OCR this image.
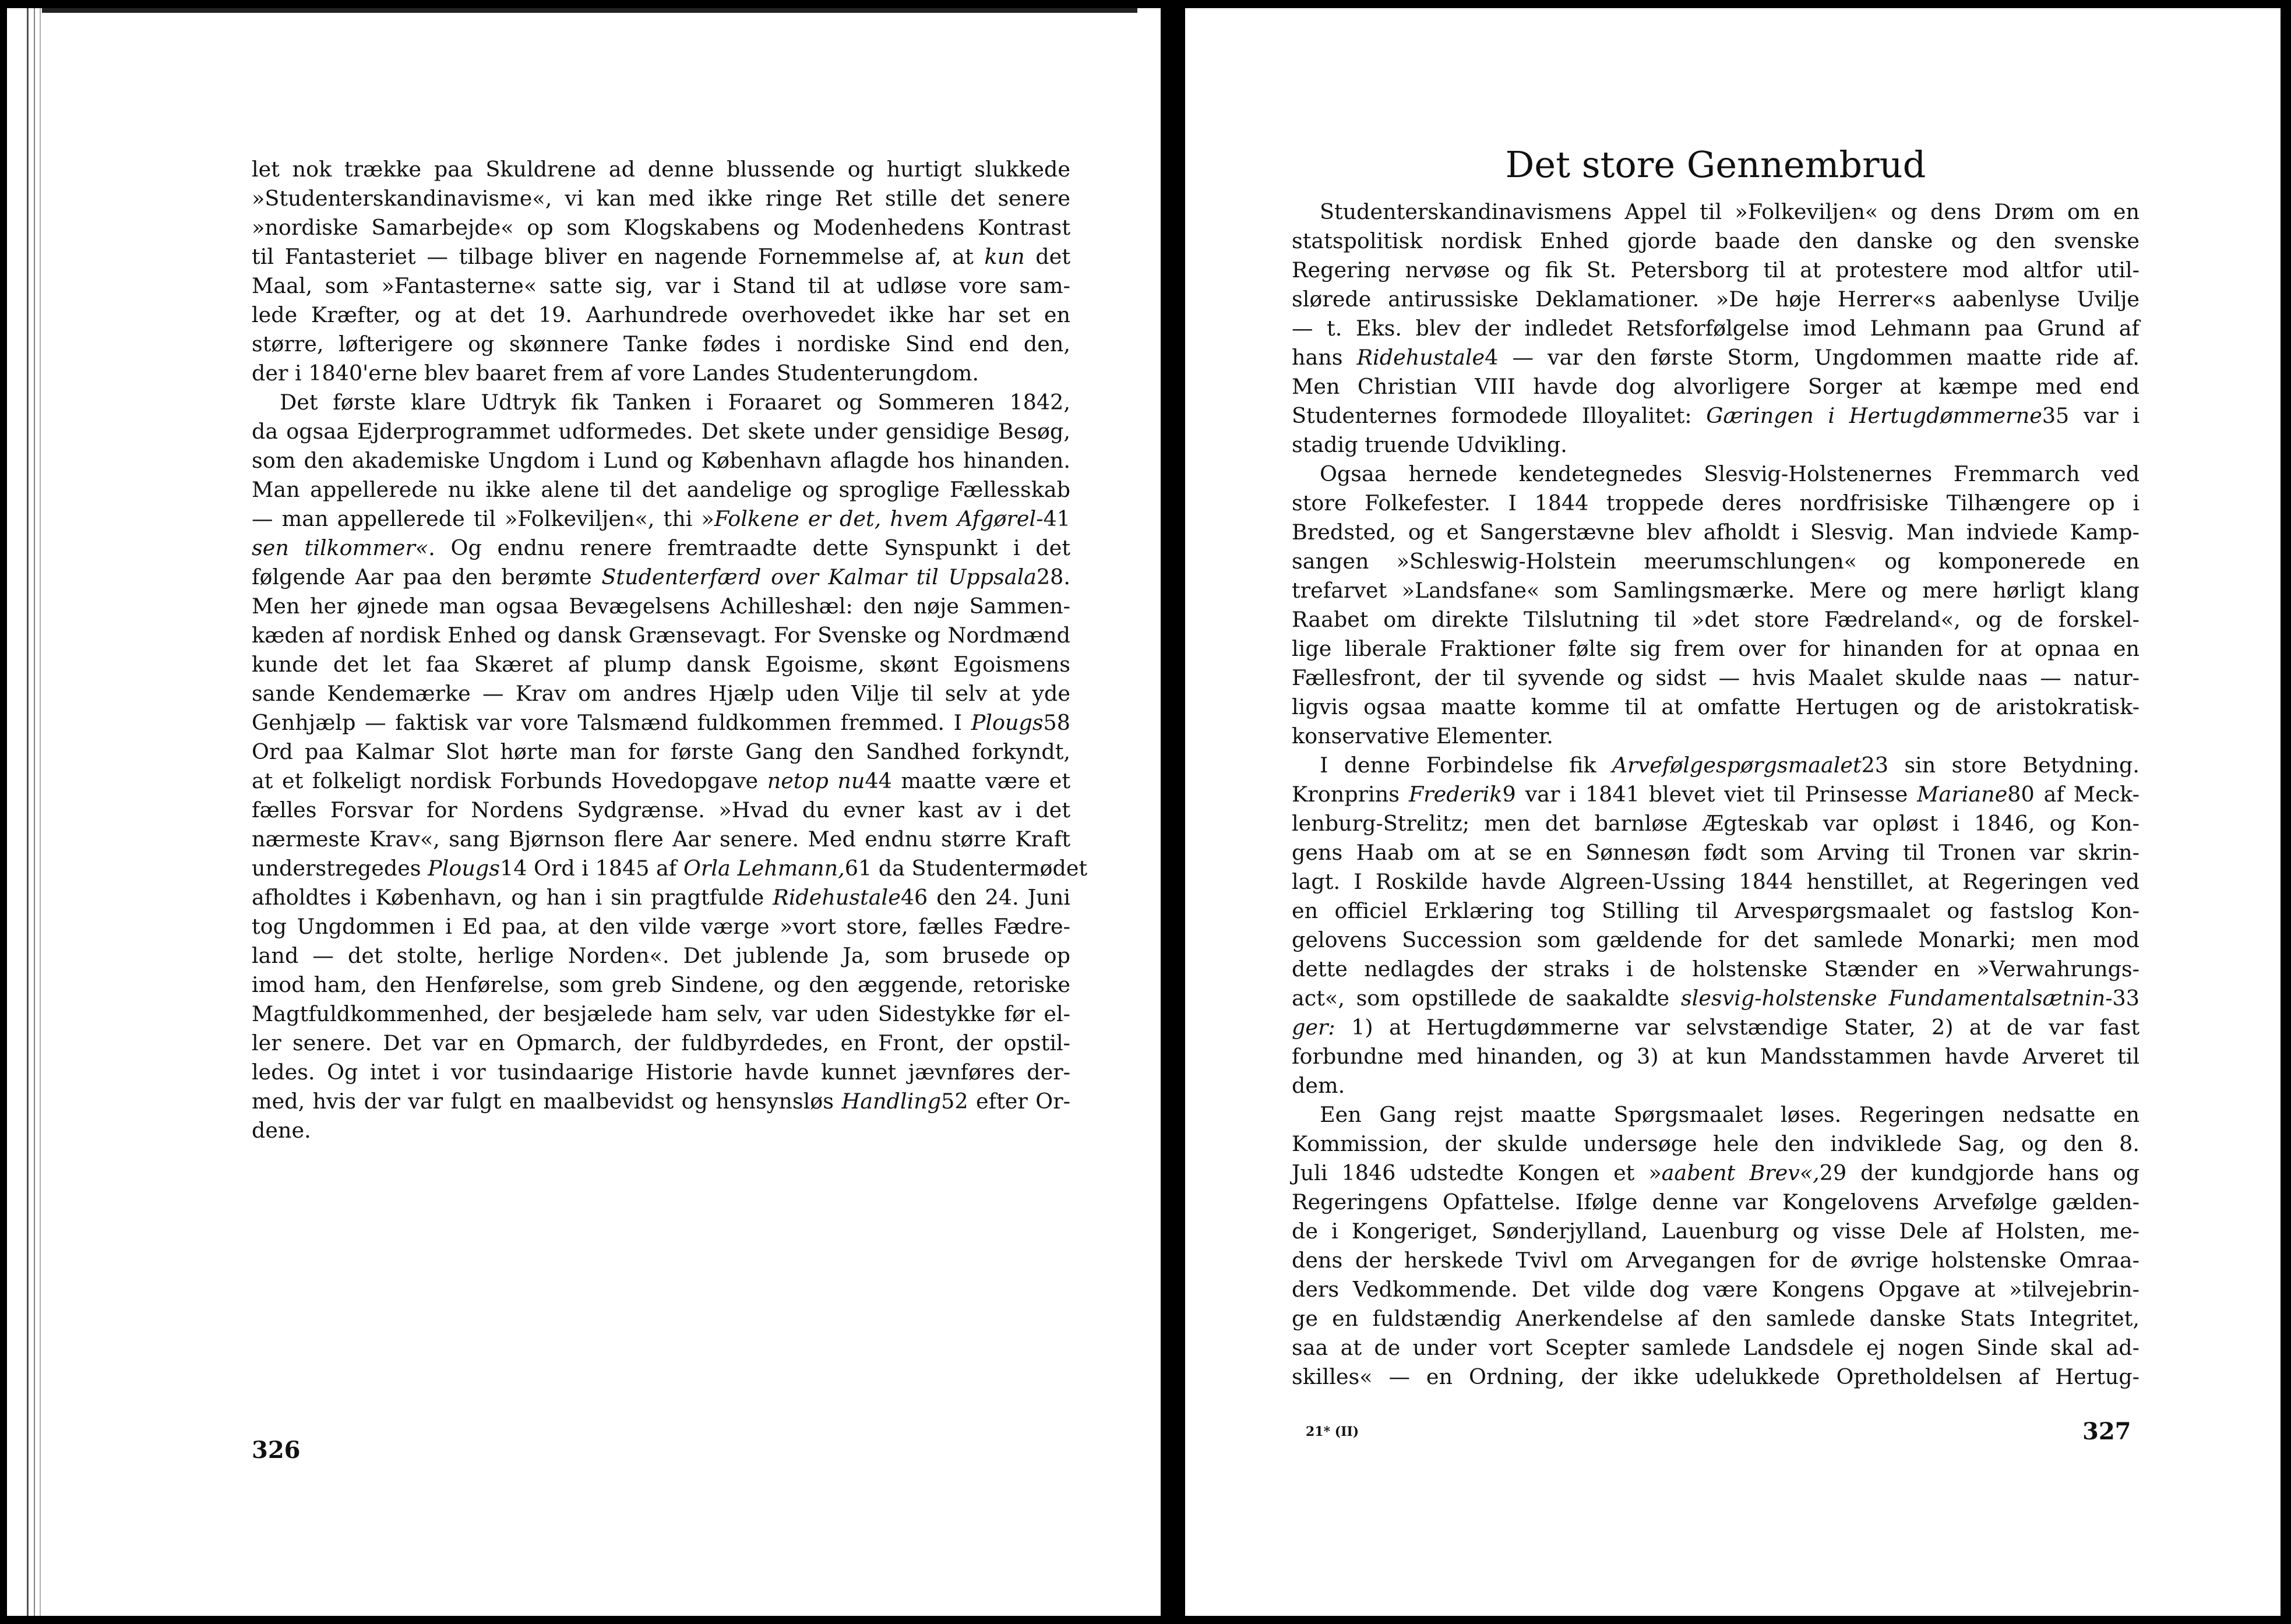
let nok trække paa Skuldrene ad denne blussende og hurtigt slukkede
»Studenterskandinavisme«, vi kan med ikke ringe Ret stille det senere
»nordiske Samarbejde« op som Klogskabens og Modenhedens Kontrast
til Fantasteriet — tilbage bliver en nagende Fornemmelse af, at kun det
Maal, som »Fantasterne« satte sig, var i Stand til at udløse vore sam-
lede Kræfter, og at det 19. Aarhundrede overhovedet ikke har set en
større, løfterigere og skønnere Tanke fødes i nordiske Sind end den,
der i 1840'erne blev baaret frem af vore Landes Studenterungdom.
Det første klare Udtryk fik Tanken i Foraaret og Sommeren 1842,
da ogsaa Ejderprogrammet udformedes. Det skete under gensidige Besøg,
som den akademiske Ungdom i Lund og København aflagde hos hinanden.
Man appellerede nu ikke alene til det aandelige og sproglige Fællesskab
— man appellerede til »Folkeviljen«, thi »Folkene er det, hvem Afgørel-41
sen tilkommer«. Og endnu renere fremtraadte dette Synspunkt i det
følgende Aar paa den berømte Studenterfærd over Kalmar til Uppsala28.
Men her øjnede man ogsaa Bevægelsens Achilleshæl: den nøje Sammen-
kæden af nordisk Enhed og dansk Grænsevagt. For Svenske og Nordmænd
kunde det let faa Skæret af plump dansk Egoisme, skønt Egoismens
sande Kendemærke — Krav om andres Hjælp uden Vilje til selv at yde
Genhjælp — faktisk var vore Talsmænd fuldkommen fremmed. I Plougs58
Ord paa Kalmar Slot hørte man for første Gang den Sandhed forkyndt,
at et folkeligt nordisk Forbunds Hovedopgave netop nu44 maatte være et
fælles Forsvar for Nordens Sydgrænse. »Hvad du evner kast av i det
nærmeste Krav«, sang Bjørnson flere Aar senere. Med endnu større Kraft
understregedes Plougs14 Ord i 1845 af Orla Lehmann,61 da Studentermødet
afholdtes i København, og han i sin pragtfulde Ridehustale46 den 24. Juni
tog Ungdommen i Ed paa, at den vilde værge »vort store, fælles Fædre-
land — det stolte, herlige Norden«. Det jublende Ja, som brusede op
imod ham, den Henførelse, som greb Sindene, og den æggende, retoriske
Magtfuldkommenhed, der besjælede ham selv, var uden Sidestykke før el-
ler senere. Det var en Opmarch, der fuldbyrdedes, en Front, der opstil-
ledes. Og intet i vor tusindaarige Historie havde kunnet jævnføres der-
med, hvis der var fulgt en maalbevidst og hensynsløs Handling52 efter Or-
dene.
326
Det store Gennembrud
Studenterskandinavismens Appel til »Folkeviljen« og dens Drøm om en
statspolitisk nordisk Enhed gjorde baade den danske og den svenske
Regering nervøse og fik St. Petersborg til at protestere mod altfor util-
slørede antirussiske Deklamationer. »De høje Herrer«s aabenlyse Uvilje
— t. Eks. blev der indledet Retsforfølgelse imod Lehmann paa Grund af
hans Ridehustale4 — var den første Storm, Ungdommen maatte ride af.
Men Christian VIII havde dog alvorligere Sorger at kæmpe med end
Studenternes formodede Illoyalitet: Gæringen i Hertugdømmerne35 var i
stadig truende Udvikling.
Ogsaa hernede kendetegnedes Slesvig-Holstenernes Fremmarch ved
store Folkefester. I 1844 troppede deres nordfrisiske Tilhængere op i
Bredsted, og et Sangerstævne blev afholdt i Slesvig. Man indviede Kamp-
sangen »Schleswig-Holstein meerumschlungen« og komponerede en
trefarvet »Landsfane« som Samlingsmærke. Mere og mere hørligt klang
Raabet om direkte Tilslutning til »det store Fædreland«, og de forskel-
lige liberale Fraktioner følte sig frem over for hinanden for at opnaa en
Fællesfront, der til syvende og sidst — hvis Maalet skulde naas — natur-
ligvis ogsaa maatte komme til at omfatte Hertugen og de aristokratisk-
konservative Elementer.
I denne Forbindelse fik Arvefølgespørgsmaalet23 sin store Betydning.
Kronprins Frederik9 var i 1841 blevet viet til Prinsesse Mariane80 af Meck-
lenburg-Strelitz; men det barnløse Ægteskab var opløst i 1846, og Kon-
gens Haab om at se en Sønnesøn født som Arving til Tronen var skrin-
lagt. I Roskilde havde Algreen-Ussing 1844 henstillet, at Regeringen ved
en officiel Erklæring tog Stilling til Arvespørgsmaalet og fastslog Kon-
gelovens Succession som gældende for det samlede Monarki; men mod
dette nedlagdes der straks i de holstenske Stænder en »Verwahrungs-
act«, som opstillede de saakaldte slesvig-holstenske Fundamentalsætnin-33
ger: 1) at Hertugdømmerne var selvstændige Stater, 2) at de var fast
forbundne med hinanden, og 3) at kun Mandsstammen havde Arveret til
dem.
Een Gang rejst maatte Spørgsmaalet løses. Regeringen nedsatte en
Kommission, der skulde undersøge hele den indviklede Sag, og den 8.
Juli 1846 udstedte Kongen et »aabent Brev«,29 der kundgjorde hans og
Regeringens Opfattelse. Ifølge denne var Kongelovens Arvefølge gælden-
de i Kongeriget, Sønderjylland, Lauenburg og visse Dele af Holsten, me-
dens der herskede Tvivl om Arvegangen for de øvrige holstenske Omraa-
ders Vedkommende. Det vilde dog være Kongens Opgave at »tilvejebrin-
ge en fuldstændig Anerkendelse af den samlede danske Stats Integritet,
saa at de under vort Scepter samlede Landsdele ej nogen Sinde skal ad-
skilles« — en Ordning, der ikke udelukkede Opretholdelsen af Hertug-
21* (II)	327
